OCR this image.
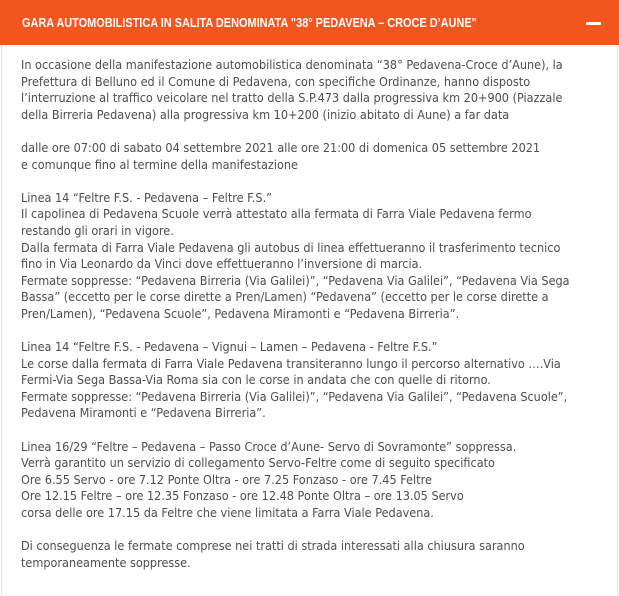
GARA AUTOMOBILISTICA IN SALITA DENOMINATA "38° PEDAVENA – CROCE D’AUNE"

In occasione della manifestazione automobilistica denominata “38° Pedavena-Croce d’Aune), la
Prefettura di Belluno ed il Comune di Pedavena, con specifiche Ordinanze, hanno disposto
l’interruzione al traffico veicolare nel tratto della S.P.473 dalla progressiva km 20+900 (Piazzale
della Birreria Pedavena) alla progressiva km 10+200 (inizio abitato di Aune) a far data

dalle ore 07:00 di sabato 04 settembre 2021 alle ore 21:00 di domenica 05 settembre 2021
e comunque fino al termine della manifestazione

Linea 14 “Feltre F.S. - Pedavena – Feltre F.S.”
Il capolinea di Pedavena Scuole verrà attestato alla fermata di Farra Viale Pedavena fermo
restando gli orari in vigore.
Dalla fermata di Farra Viale Pedavena gli autobus di linea effettueranno il trasferimento tecnico
fino in Via Leonardo da Vinci dove effettueranno l’inversione di marcia.
Fermate soppresse: “Pedavena Birreria (Via Galilei)”, “Pedavena Via Galilei”, “Pedavena Via Sega
Bassa” (eccetto per le corse dirette a Pren/Lamen) “Pedavena” (eccetto per le corse dirette a
Pren/Lamen), “Pedavena Scuole”, Pedavena Miramonti e “Pedavena Birreria”.

Linea 14 “Feltre F.S. - Pedavena – Vignui – Lamen – Pedavena - Feltre F.S.”
Le corse dalla fermata di Farra Viale Pedavena transiteranno lungo il percorso alternativo ….Via
Fermi-Via Sega Bassa-Via Roma sia con le corse in andata che con quelle di ritorno.
Fermate soppresse: “Pedavena Birreria (Via Galilei)”, “Pedavena Via Galilei”, “Pedavena Scuole”,
Pedavena Miramonti e “Pedavena Birreria”.

Linea 16/29 “Feltre – Pedavena – Passo Croce d’Aune- Servo di Sovramonte” soppressa.
Verrà garantito un servizio di collegamento Servo-Feltre come di seguito specificato
Ore 6.55 Servo - ore 7.12 Ponte Oltra - ore 7.25 Fonzaso - ore 7.45 Feltre
Ore 12.15 Feltre – ore 12.35 Fonzaso - ore 12.48 Ponte Oltra – ore 13.05 Servo
corsa delle ore 17.15 da Feltre che viene limitata a Farra Viale Pedavena.

Di conseguenza le fermate comprese nei tratti di strada interessati alla chiusura saranno
temporaneamente soppresse.
